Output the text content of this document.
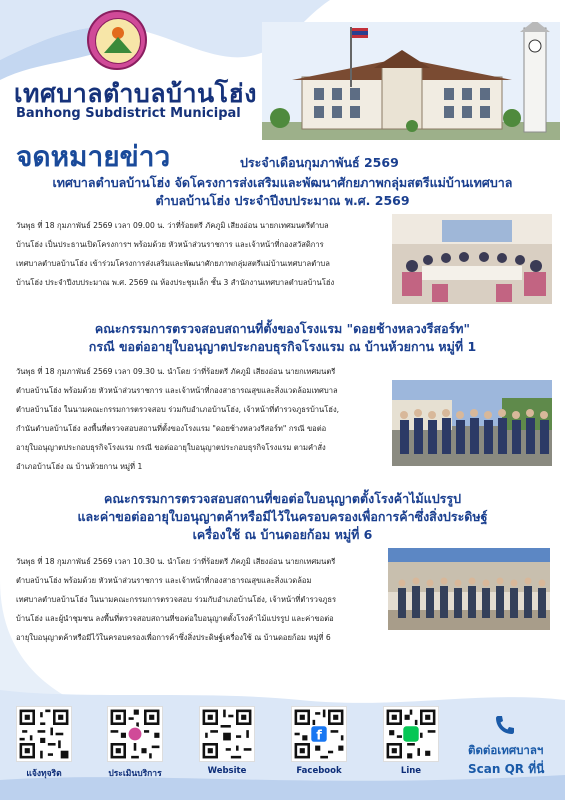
เทศบาลตำบลบ้านโฮ่ง
Banhong Subdistrict Municipal
จดหมายข่าว	ประจำเดือนกุมภาพันธ์ 2569
เทศบาลตำบลบ้านโฮ่ง จัดโครงการส่งเสริมและพัฒนาศักยภาพกลุ่มสตรีแม่บ้านเทศบาล
ตำบลบ้านโฮ่ง ประจำปีงบประมาณ พ.ศ. 2569
วันพุธ ที่ 18 กุมภาพันธ์ 2569 เวลา 09.00 น. ว่าที่ร้อยตรี ภัคภูมิ เสียงอ่อน นายกเทศมนตรีตำบล
บ้านโฮ่ง เป็นประธานเปิดโครงการฯ พร้อมด้วย หัวหน้าส่วนราชการ และเจ้าหน้าที่กองสวัสดิการ
เทศบาลตำบลบ้านโฮ่ง เข้าร่วมโครงการส่งเสริมและพัฒนาศักยภาพกลุ่มสตรีแม่บ้านเทศบาลตำบล
บ้านโฮ่ง ประจำปีงบประมาณ พ.ศ. 2569 ณ ห้องประชุมเล็ก ชั้น 3 สำนักงานเทศบาลตำบลบ้านโฮ่ง
คณะกรรมการตรวจสอบสถานที่ตั้งของโรงแรม "ดอยช้างหลวงรีสอร์ท"
กรณี ขอต่ออายุใบอนุญาตประกอบธุรกิจโรงแรม ณ บ้านห้วยกาน หมู่ที่ 1
วันพุธ ที่ 18 กุมภาพันธ์ 2569 เวลา 09.30 น. นำโดย ว่าที่ร้อยตรี ภัคภูมิ เสียงอ่อน นายกเทศมนตรี
ตำบลบ้านโฮ่ง พร้อมด้วย หัวหน้าส่วนราชการ และเจ้าหน้าที่กองสาธารณสุขและสิ่งแวดล้อมเทศบาล
ตำบลบ้านโฮ่ง ในนามคณะกรรมการตรวจสอบ ร่วมกับอำเภอบ้านโฮ่ง, เจ้าหน้าที่ตำรวจภูธรบ้านโฮ่ง,
กำนันตำบลบ้านโฮ่ง ลงพื้นที่ตรวจสอบสถานที่ตั้งของโรงแรม "ดอยช้างหลวงรีสอร์ท" กรณี ขอต่อ
อายุใบอนุญาตประกอบธุรกิจโรงแรม กรณี ขอต่ออายุใบอนุญาตประกอบธุรกิจโรงแรม ตามคำสั่ง
อำเภอบ้านโฮ่ง ณ บ้านห้วยกาน หมู่ที่ 1
คณะกรรมการตรวจสอบสถานที่ขอต่อใบอนุญาตตั้งโรงค้าไม้แปรรูป
และค่าขอต่ออายุใบอนุญาตค้าหรือมีไว้ในครอบครองเพื่อการค้าซึ่งสิ่งประดิษฐ์
เครื่องใช้ ณ บ้านดอยก้อม หมู่ที่ 6
วันพุธ ที่ 18 กุมภาพันธ์ 2569 เวลา 10.30 น. นำโดย ว่าที่ร้อยตรี ภัคภูมิ เสียงอ่อน นายกเทศมนตรี
ตำบลบ้านโฮ่ง พร้อมด้วย หัวหน้าส่วนราชการ และเจ้าหน้าที่กองสาธารณสุขและสิ่งแวดล้อม
เทศบาลตำบลบ้านโฮ่ง ในนามคณะกรรมการตรวจสอบ ร่วมกับอำเภอบ้านโฮ่ง, เจ้าหน้าที่ตำรวจภูธร
บ้านโฮ่ง และผู้นำชุมชน ลงพื้นที่ตรวจสอบสถานที่ขอต่อใบอนุญาตตั้งโรงค้าไม้แปรรูป และค่าขอต่อ
อายุใบอนุญาตค้าหรือมีไว้ในครอบครองเพื่อการค้าซึ่งสิ่งประดิษฐ์เครื่องใช้ ณ บ้านดอยก้อม หมู่ที่ 6
แจ้งทุจริต	ประเมินบริการ	Website
f
Facebook	Line
ติดต่อเทศบาลฯ
Scan QR ที่นี่
